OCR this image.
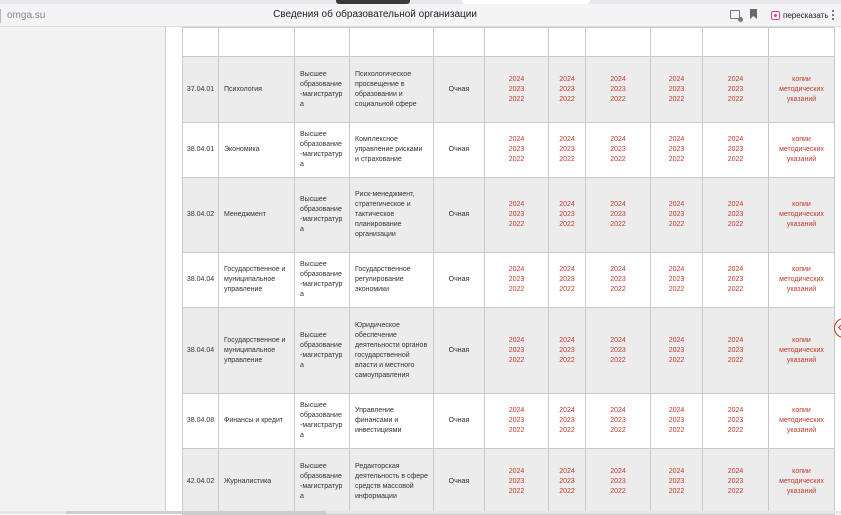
omga.su	Сведения об образовательной организации	пересказать

37.04.01	Психология	Высшее образование-магистратура	Психологическое просвещение в образовании и социальной сфере	Очная	2024
2023
2022	2024
2023
2022	2024
2023
2022	2024
2023
2022	2024
2023
2022	копии методических указаний
38.04.01	Экономика	Высшее образование-магистратура	Комплексное управление рисками и страхование	Очная	2024
2023
2022	2024
2023
2022	2024
2023
2022	2024
2023
2022	2024
2023
2022	копии методических указаний
38.04.02	Менеджмент	Высшее образование-магистратура	Риск-менеджмент, стратегическое и тактическое планирование организации	Очная	2024
2023
2022	2024
2023
2022	2024
2023
2022	2024
2023
2022	2024
2023
2022	копии методических указаний
38.04.04	Государственное и муниципальное управление	Высшее образование-магистратура	Государственное регулирование экономики	Очная	2024
2023
2022	2024
2023
2022	2024
2023
2022	2024
2023
2022	2024
2023
2022	копии методических указаний
38.04.04	Государственное и муниципальное управление	Высшее образование-магистратура	Юридическое обеспечение деятельности органов государственной власти и местного самоуправления	Очная	2024
2023
2022	2024
2023
2022	2024
2023
2022	2024
2023
2022	2024
2023
2022	копии методических указаний
38.04.08	Финансы и кредит	Высшее образование-магистратура	Управление финансами и инвестициями	Очная	2024
2023
2022	2024
2023
2022	2024
2023
2022	2024
2023
2022	2024
2023
2022	копии методических указаний
42.04.02	Журналистика	Высшее образование-магистратура	Редакторская деятельность в сфере средств массовой информации	Очная	2024
2023
2022	2024
2023
2022	2024
2023
2022	2024
2023
2022	2024
2023
2022	копии методических указаний
